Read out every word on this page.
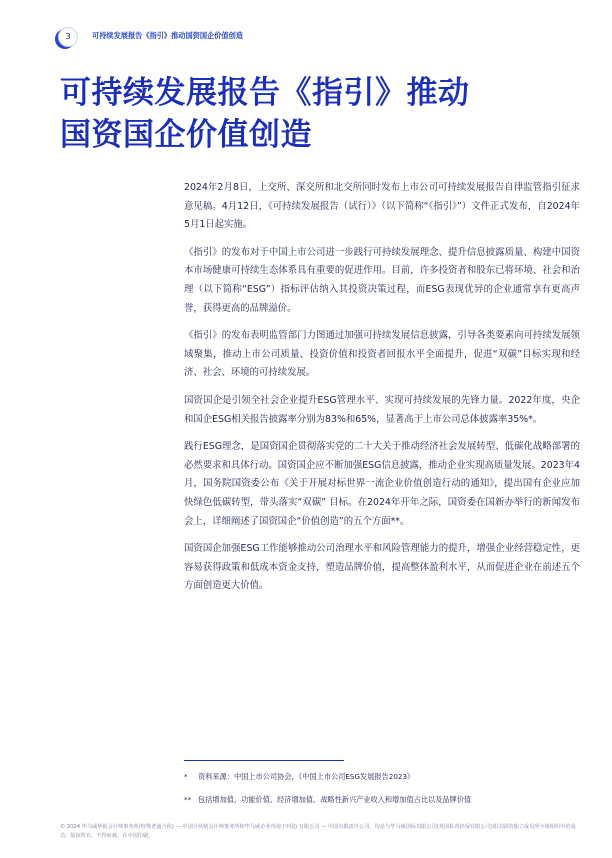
3	可持续发展报告《指引》推动国资国企价值创造
可持续发展报告《指引》推动
国资国企价值创造

2024年2月8日，上交所、深交所和北交所同时发布上市公司可持续发展报告自律监管指引征求意见稿。4月12日，《可持续发展报告（试行）》（以下简称“《指引》”）文件正式发布，自2024年5月1日起实施。

《指引》的发布对于中国上市公司进一步践行可持续发展理念、提升信息披露质量、构建中国资本市场健康可持续生态体系具有重要的促进作用。目前，许多投资者和股东已将环境、社会和治理（以下简称“ESG”）指标评估纳入其投资决策过程，而ESG表现优异的企业通常享有更高声誉，获得更高的品牌溢价。

《指引》的发布表明监管部门力图通过加强可持续发展信息披露，引导各类要素向可持续发展领域聚集，推动上市公司质量、投资价值和投资者回报水平全面提升，促进“双碳”目标实现和经济、社会、环境的可持续发展。

国资国企是引领全社会企业提升ESG管理水平、实现可持续发展的先锋力量。2022年度，央企和国企ESG相关报告披露率分别为83%和65%，显著高于上市公司总体披露率35%*。

践行ESG理念，是国资国企贯彻落实党的二十大关于推动经济社会发展转型、低碳化战略部署的必然要求和具体行动。国资国企应不断加强ESG信息披露，推动企业实现高质量发展。2023年4月，国务院国资委公布《关于开展对标世界一流企业价值创造行动的通知》，提出国有企业应加快绿色低碳转型，带头落实“双碳” 目标。在2024年开年之际，国资委在国新办举行的新闻发布会上，详细阐述了国资国企“价值创造”的五个方面**。

国资国企加强ESG工作能够推动公司治理水平和风险管理能力的提升，增强企业经营稳定性，更容易获得政策和低成本资金支持，塑造品牌价值，提高整体盈利水平，从而促进企业在前述五个方面创造更大价值。

* 资料来源：中国上市公司协会，《中国上市公司ESG发展报告2023》
** 包括增加值、功能价值、经济增加值、战略性新兴产业收入和增加值占比以及品牌价值
© 2024 毕马威华振会计师事务所(特殊普通合伙) — 中国合伙制会计师事务所和毕马威企业咨询 (中国) 有限公司 — 中国有限责任公司，均是与毕马威国际有限公司(英国私营担保有限公司)相关联的独立成员所全球组织中的成员。版权所有，不得转载。在中国印刷。
